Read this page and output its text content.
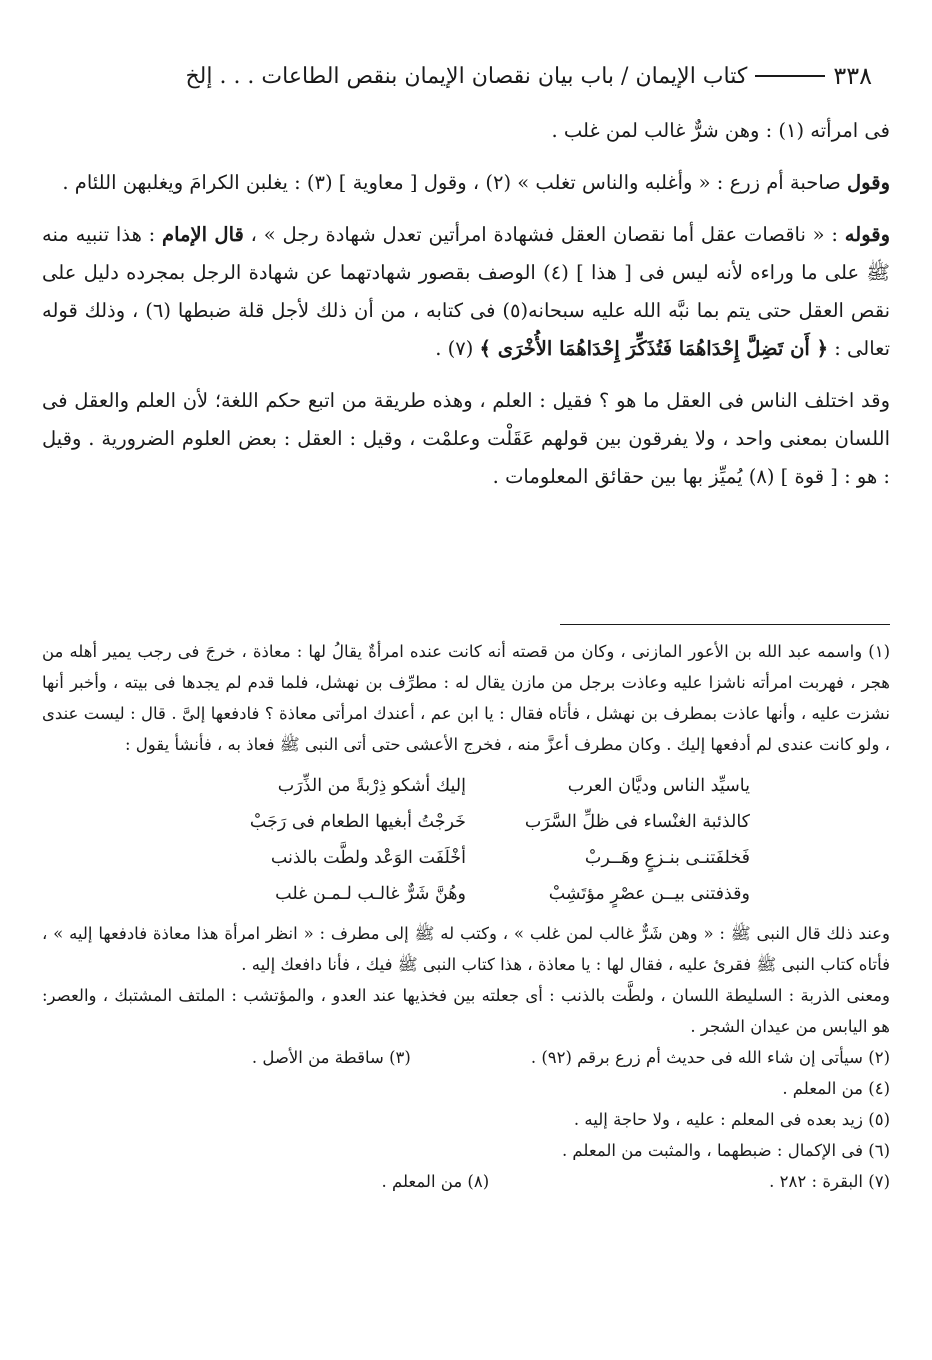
٣٣٨
كتاب الإيمان / باب بيان نقصان الإيمان بنقص الطاعات . . . إلخ

فى امرأته (١) : وهن شرٌّ غالب لمن غلب .

وقول صاحبة أم زرع : « وأغلبه والناس تغلب » (٢) ، وقول [ معاوية ] (٣) : يغلبن الكرامَ ويغلبهن اللئام .

وقوله : « ناقصات عقل أما نقصان العقل فشهادة امرأتين تعدل شهادة رجل » ، قال الإمام : هذا تنبيه منه ﷺ على ما وراءه لأنه ليس فى [ هذا ] (٤) الوصف بقصور شهادتهما عن شهادة الرجل بمجرده دليل على نقص العقل حتى يتم بما نبَّه الله عليه سبحانه(٥) فى كتابه ، من أن ذلك لأجل قلة ضبطها (٦) ، وذلك قوله تعالى : ﴿ أَن تَضِلَّ إِحْدَاهُمَا فَتُذَكِّرَ إِحْدَاهُمَا الأُخْرَى ﴾ (٧) .

وقد اختلف الناس فى العقل ما هو ؟ فقيل : العلم ، وهذه طريقة من اتبع حكم اللغة؛ لأن العلم والعقل فى اللسان بمعنى واحد ، ولا يفرقون بين قولهم عَقَلْت وعلمْت ، وقيل : العقل : بعض العلوم الضرورية . وقيل : هو : [ قوة ] (٨) يُميِّز بها بين حقائق المعلومات .

(١) واسمه عبد الله بن الأعور المازنى ، وكان من قصته أنه كانت عنده امرأةٌ يقالُ لها : معاذة ، خرجَ فى رجب يمير أهله من هجر ، فهربت امرأته ناشزا عليه وعاذت برجل من مازن يقال له : مطرِّف بن نهشل، فلما قدم لم يجدها فى بيته ، وأخبر أنها نشزت عليه ، وأنها عاذت بمطرف بن نهشل ، فأتاه فقال : يا ابن عم ، أعندك امرأتى معاذة ؟ فادفعها إلىَّ . قال : ليست عندى ، ولو كانت عندى لم أدفعها إليك . وكان مطرف أعزَّ منه ، فخرج الأعشى حتى أتى النبى ﷺ فعاذ به ، فأنشأ يقول :

ياسيِّد الناس وديَّان العرب
إليك أشكو ذِرْبةً من الذِّرَب
كالذئبة الغنْساء فى ظلِّ السَّرَب
خَرجْتُ أبغيها الطعام فى رَجَبْ
فَخلفَتنـى بنـزعٍ وهَــربْ
أخْلَفَت الوَعْد ولطَّت بالذنب
وقذفتنى بيــن عصْرٍ مؤتَشِبْ
وهُنَّ شَرٌّ غالـب لـمـن غلب

وعند ذلك قال النبى ﷺ : « وهن شَرٌّ غالب لمن غلب » ، وكتب له ﷺ إلى مطرف : « انظر امرأة هذا معاذة فادفعها إليه » ، فأتاه كتاب النبى ﷺ فقرئ عليه ، فقال لها : يا معاذة ، هذا كتاب النبى ﷺ فيك ، فأنا دافعك إليه .

ومعنى الذربة : السليطة اللسان ، ولطَّت بالذنب : أى جعلته بين فخذيها عند العدو ، والمؤتشب : الملتف المشتبك ، والعصر: هو اليابس من عيدان الشجر .

(٢) سيأتى إن شاء الله فى حديث أم زرع برقم (٩٢) .
(٣) ساقطة من الأصل .

(٤) من المعلم .

(٥) زيد بعده فى المعلم : عليه ، ولا حاجة إليه .

(٦) فى الإكمال : ضبطهما ، والمثبت من المعلم .

(٧) البقرة : ٢٨٢ .
(٨) من المعلم .
